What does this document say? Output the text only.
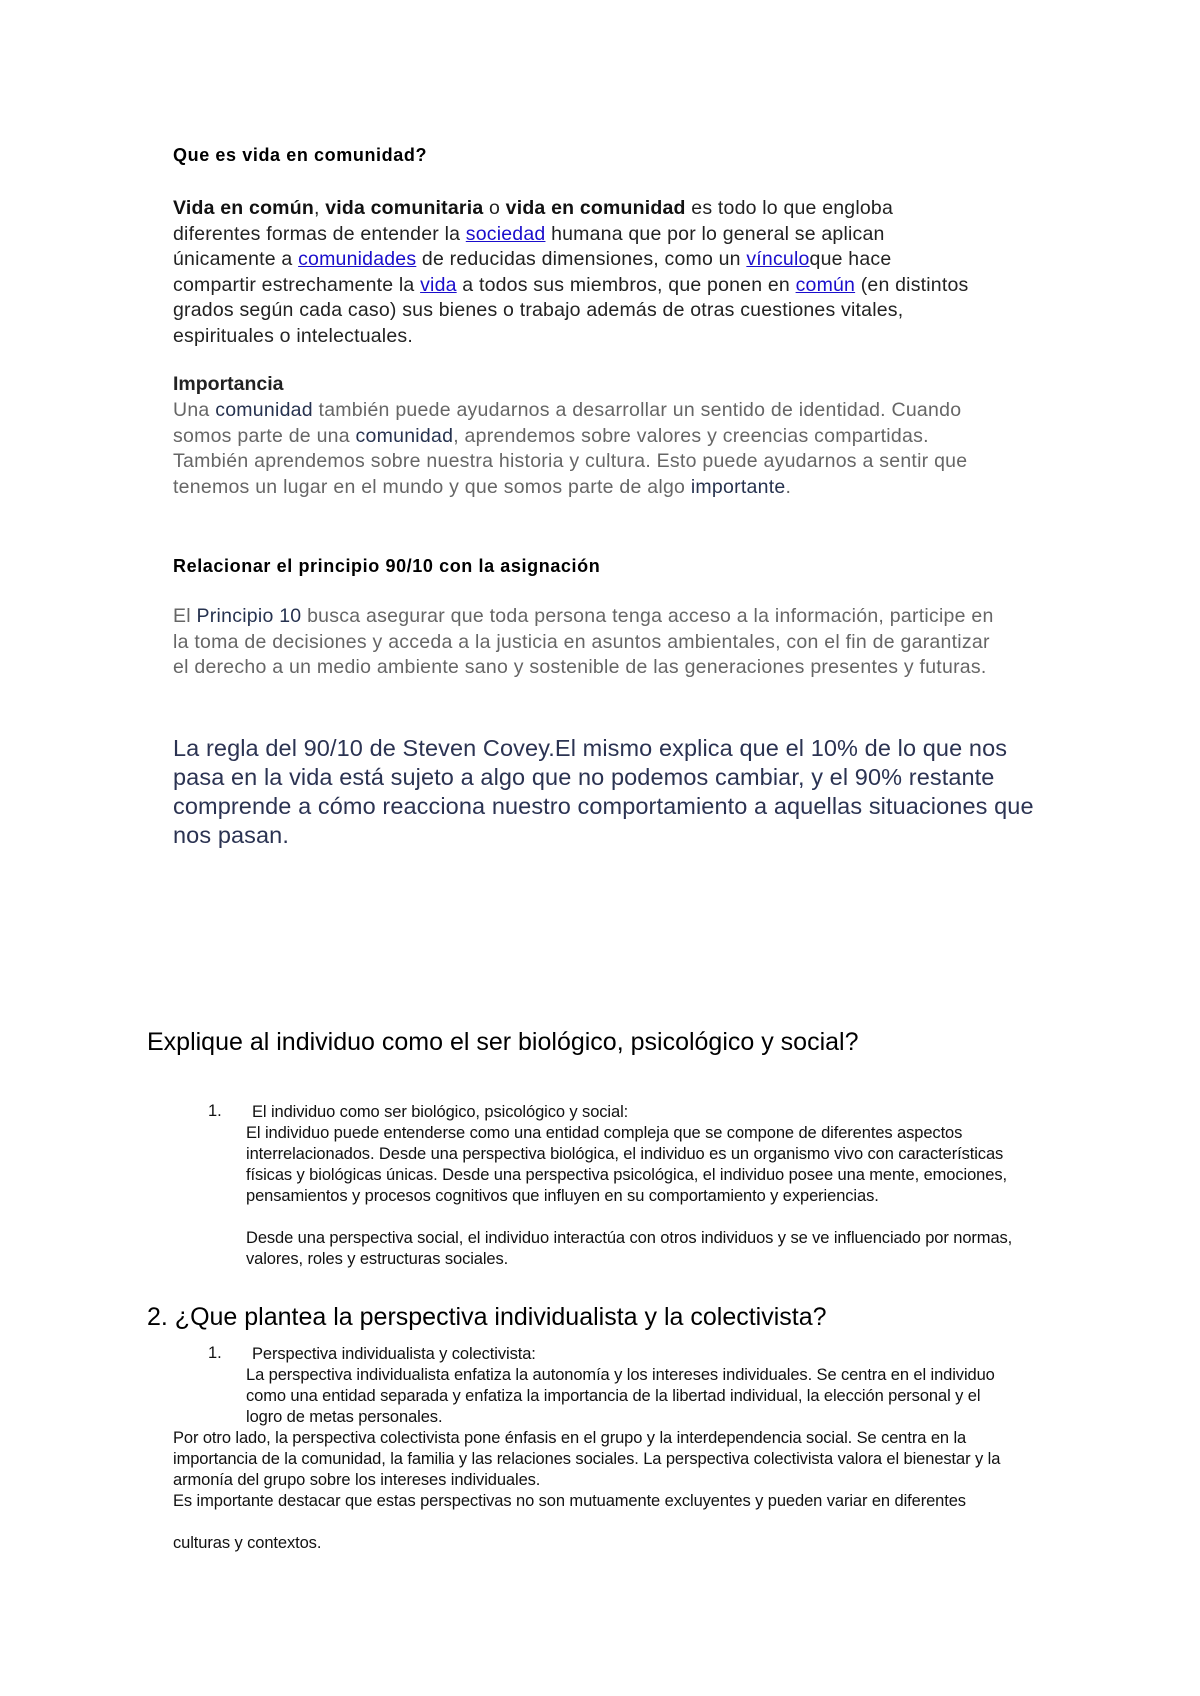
Que es vida en comunidad?

Vida en común, vida comunitaria o vida en comunidad es todo lo que engloba diferentes formas de entender la sociedad humana que por lo general se aplican únicamente a comunidades de reducidas dimensiones, como un vínculoque hace compartir estrechamente la vida a todos sus miembros, que ponen en común (en distintos grados según cada caso) sus bienes o trabajo además de otras cuestiones vitales, espirituales o intelectuales.

Importancia

Una comunidad también puede ayudarnos a desarrollar un sentido de identidad. Cuando somos parte de una comunidad, aprendemos sobre valores y creencias compartidas. También aprendemos sobre nuestra historia y cultura. Esto puede ayudarnos a sentir que tenemos un lugar en el mundo y que somos parte de algo importante.

Relacionar el principio 90/10 con la asignación

El Principio 10 busca asegurar que toda persona tenga acceso a la información, participe en la toma de decisiones y acceda a la justicia en asuntos ambientales, con el fin de garantizar el derecho a un medio ambiente sano y sostenible de las generaciones presentes y futuras.

La regla del 90/10 de Steven Covey.El mismo explica que el 10% de lo que nos pasa en la vida está sujeto a algo que no podemos cambiar, y el 90% restante comprende a cómo reacciona nuestro comportamiento a aquellas situaciones que nos pasan.

Explique al individuo como el ser biológico, psicológico y social?
1. El individuo como ser biológico, psicológico y social:

El individuo puede entenderse como una entidad compleja que se compone de diferentes aspectos interrelacionados. Desde una perspectiva biológica, el individuo es un organismo vivo con características físicas y biológicas únicas. Desde una perspectiva psicológica, el individuo posee una mente, emociones, pensamientos y procesos cognitivos que influyen en su comportamiento y experiencias.

Desde una perspectiva social, el individuo interactúa con otros individuos y se ve influenciado por normas, valores, roles y estructuras sociales.

2. ¿Que plantea la perspectiva individualista y la colectivista?
1. Perspectiva individualista y colectivista:

La perspectiva individualista enfatiza la autonomía y los intereses individuales. Se centra en el individuo como una entidad separada y enfatiza la importancia de la libertad individual, la elección personal y el logro de metas personales.

Por otro lado, la perspectiva colectivista pone énfasis en el grupo y la interdependencia social. Se centra en la importancia de la comunidad, la familia y las relaciones sociales. La perspectiva colectivista valora el bienestar y la armonía del grupo sobre los intereses individuales.

Es importante destacar que estas perspectivas no son mutuamente excluyentes y pueden variar en diferentes

culturas y contextos.
